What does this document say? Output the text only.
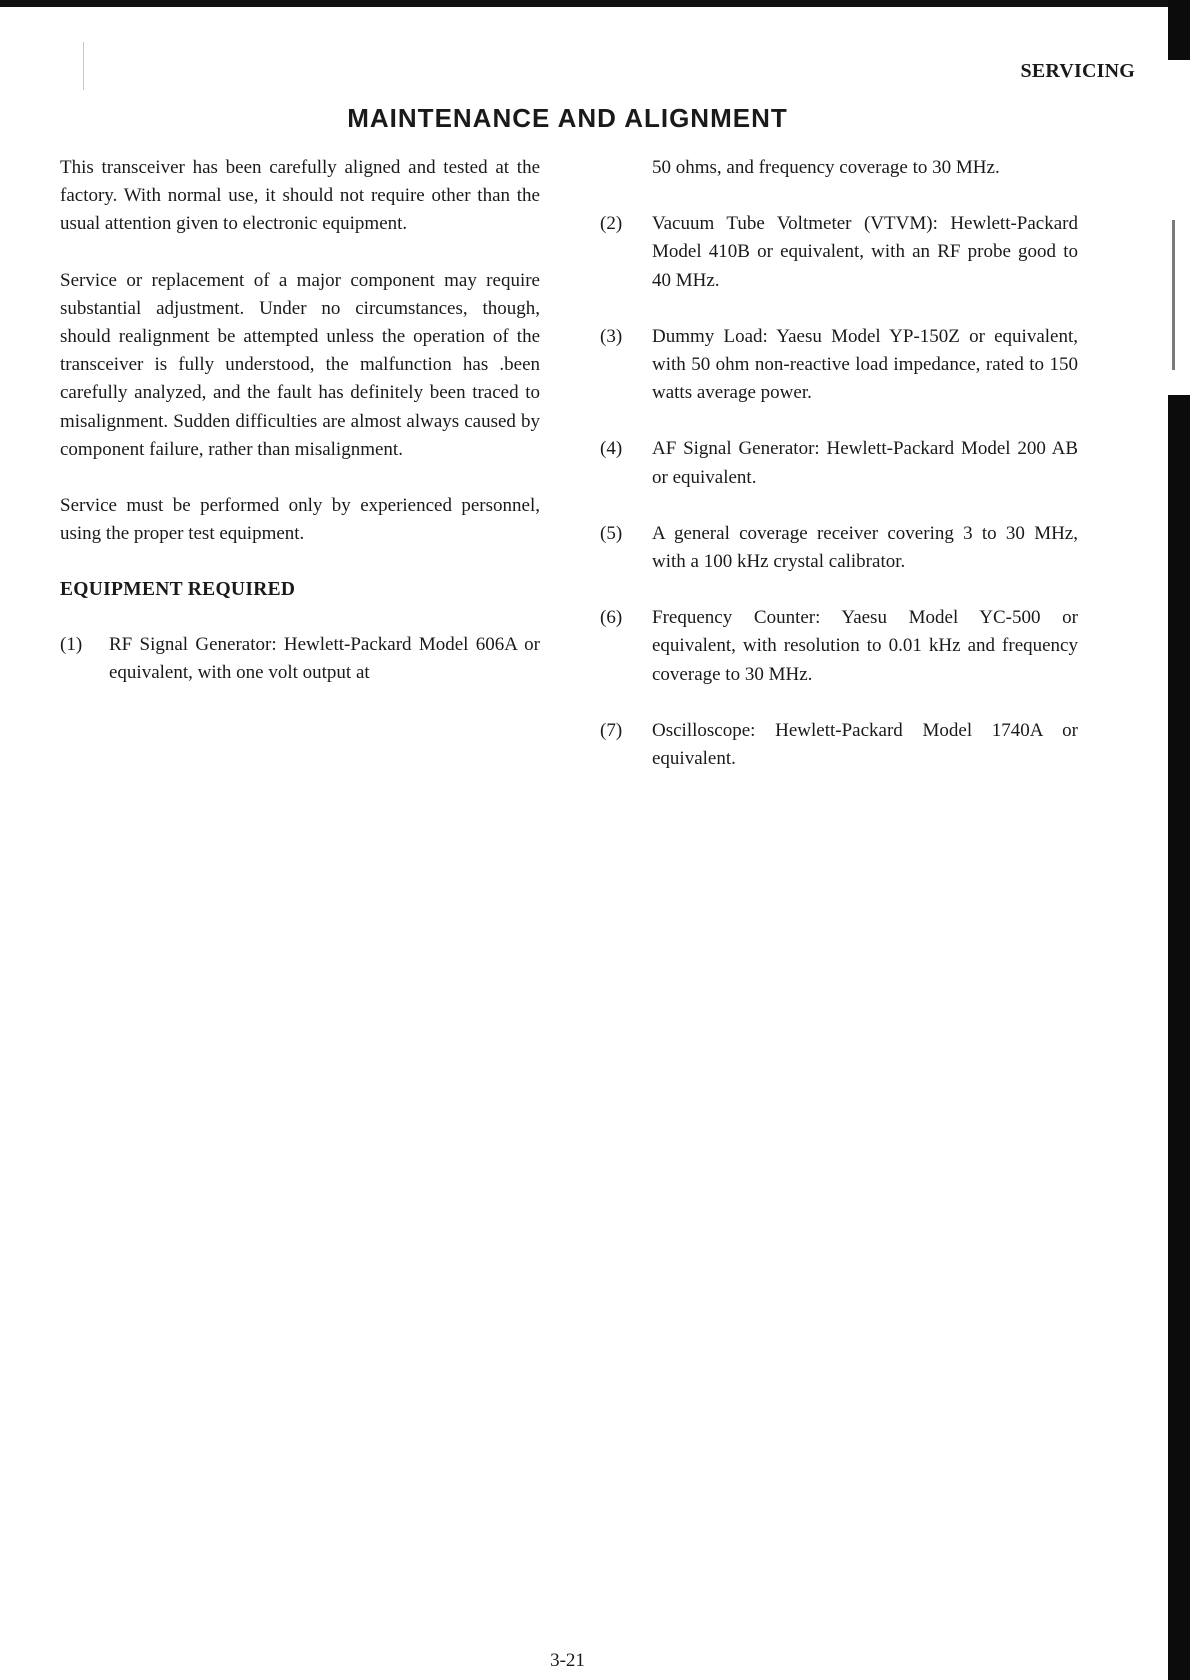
SERVICING
MAINTENANCE AND ALIGNMENT

This transceiver has been carefully aligned and tested at the factory. With normal use, it should not require other than the usual attention given to electronic equipment.

Service or replacement of a major component may require substantial adjustment. Under no circumstances, though, should realignment be attempted unless the operation of the transceiver is fully understood, the malfunction has .been carefully analyzed, and the fault has definitely been traced to misalignment. Sudden difficulties are almost always caused by component failure, rather than misalignment.

Service must be performed only by experienced personnel, using the proper test equipment.

EQUIPMENT REQUIRED
(1)	RF Signal Generator: Hewlett-Packard Model 606A or equivalent, with one volt output at
50 ohms, and frequency coverage to 30 MHz.
(2)	Vacuum Tube Voltmeter (VTVM): Hewlett-Packard Model 410B or equivalent, with an RF probe good to 40 MHz.
(3)	Dummy Load: Yaesu Model YP-150Z or equivalent, with 50 ohm non-reactive load impedance, rated to 150 watts average power.
(4)	AF Signal Generator: Hewlett-Packard Model 200 AB or equivalent.
(5)	A general coverage receiver covering 3 to 30 MHz, with a 100 kHz crystal calibrator.
(6)	Frequency Counter: Yaesu Model YC-500 or equivalent, with resolution to 0.01 kHz and frequency coverage to 30 MHz.
(7)	Oscilloscope: Hewlett-Packard Model 1740A or equivalent.
3-21
